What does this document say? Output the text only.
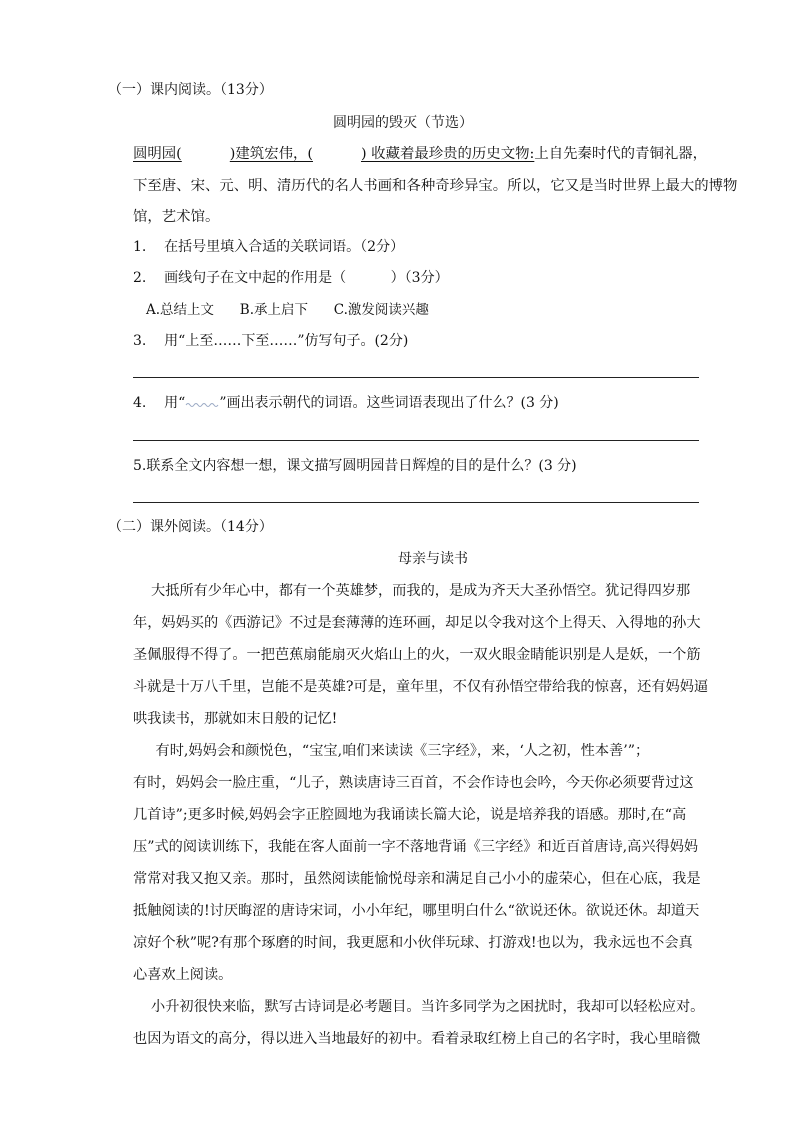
（一）课内阅读。（13分）
圆明园的毁灭（节选）
圆明园(	)建筑宏伟，(	) 收藏着最珍贵的历史文物:上自先秦时代的青铜礼器，
下至唐、宋、元、明、清历代的名人书画和各种奇珍异宝。所以，它又是当时世界上最大的博物
馆，艺术馆。
1.    在括号里填入合适的关联词语。（2分）
2.    画线句子在文中起的作用是（          ）（3分）
A.总结上文      B.承上启下      C.激发阅读兴趣
3.    用“上至……下至……”仿写句子。(2分)
4.    用“ ”画出表示朝代的词语。这些词语表现出了什么？(3 分)
5.联系全文内容想一想，课文描写圆明园昔日辉煌的目的是什么？(3 分)
（二）课外阅读。（14分）
母亲与读书
大抵所有少年心中，都有一个英雄梦，而我的，是成为齐天大圣孙悟空。犹记得四岁那
年，妈妈买的《西游记》不过是套薄薄的连环画，却足以令我对这个上得天、入得地的孙大
圣佩服得不得了。一把芭蕉扇能扇灭火焰山上的火，一双火眼金睛能识别是人是妖，一个筋
斗就是十万八千里，岂能不是英雄?可是，童年里，不仅有孙悟空带给我的惊喜，还有妈妈逼
哄我读书，那就如末日般的记忆!
有时,妈妈会和颜悦色，“宝宝,咱们来读读《三字经》，来，‘人之初，性本善’”；
有时，妈妈会一脸庄重，“儿子，熟读唐诗三百首，不会作诗也会吟，今天你必须要背过这
几首诗”;更多时候,妈妈会字正腔圆地为我诵读长篇大论，说是培养我的语感。那时,在“高
压”式的阅读训练下，我能在客人面前一字不落地背诵《三字经》和近百首唐诗,高兴得妈妈
常常对我又抱又亲。那时，虽然阅读能愉悦母亲和满足自己小小的虚荣心，但在心底，我是
抵触阅读的!讨厌晦涩的唐诗宋词，小小年纪，哪里明白什么“欲说还休。欲说还休。却道天
凉好个秋”呢?有那个琢磨的时间，我更愿和小伙伴玩球、打游戏!也以为，我永远也不会真
心喜欢上阅读。
小升初很快来临，默写古诗词是必考题目。当许多同学为之困扰时，我却可以轻松应对。
也因为语文的高分，得以进入当地最好的初中。看着录取红榜上自己的名字时，我心里暗微
